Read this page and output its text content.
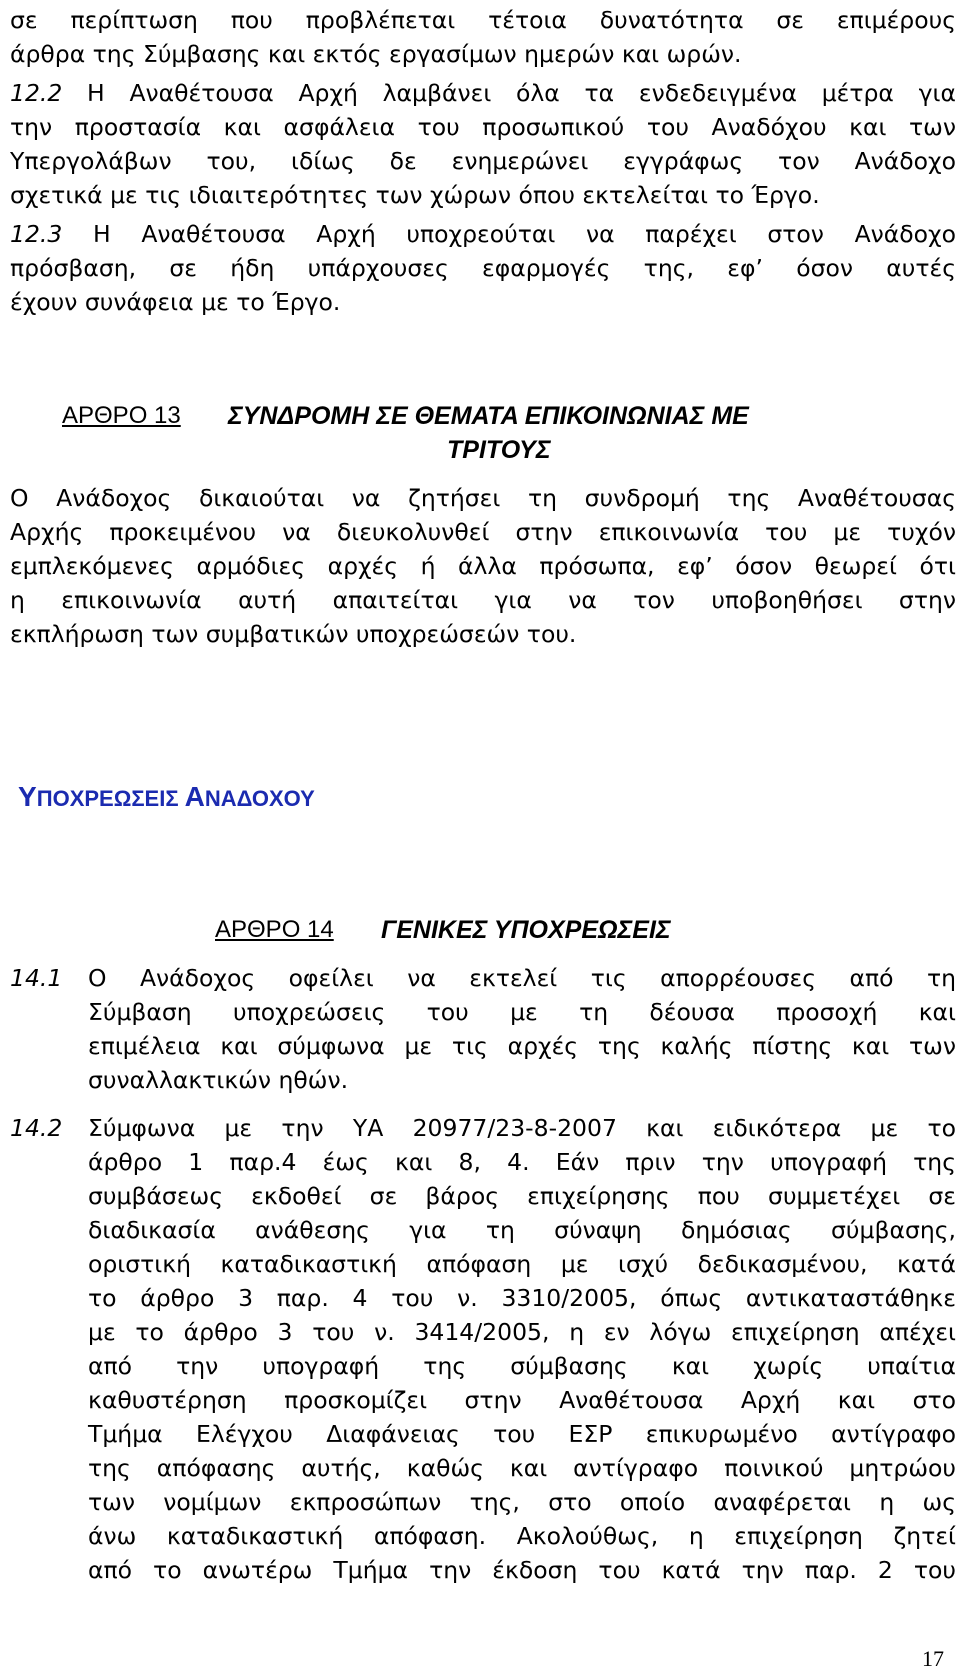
σε περίπτωση που προβλέπεται τέτοια δυνατότητα σε επιμέρους
άρθρα της Σύμβασης και εκτός εργασίμων ημερών και ωρών.
12.2 Η Αναθέτουσα Αρχή λαμβάνει όλα τα ενδεδειγμένα μέτρα για
την προστασία και ασφάλεια του προσωπικού του Αναδόχου και των
Υπεργολάβων του, ιδίως δε ενημερώνει εγγράφως τον Ανάδοχο
σχετικά με τις ιδιαιτερότητες των χώρων όπου εκτελείται το Έργο.
12.3 Η Αναθέτουσα Αρχή υποχρεούται να παρέχει στον Ανάδοχο
πρόσβαση, σε ήδη υπάρχουσες εφαρμογές της, εφ’ όσον αυτές
έχουν συνάφεια με το Έργο.
ΑΡΘΡΟ 13 ΣΥΝΔΡΟΜΗ ΣΕ ΘΕΜΑΤΑ ΕΠΙΚΟΙΝΩΝΙΑΣ ΜΕ
ΤΡΙΤΟΥΣ
Ο Ανάδοχος δικαιούται να ζητήσει τη συνδρομή της Αναθέτουσας
Αρχής προκειμένου να διευκολυνθεί στην επικοινωνία του με τυχόν
εμπλεκόμενες αρμόδιες αρχές ή άλλα πρόσωπα, εφ’ όσον θεωρεί ότι
η επικοινωνία αυτή απαιτείται για να τον υποβοηθήσει στην
εκπλήρωση των συμβατικών υποχρεώσεών του.
ΥΠΟΧΡΕΩΣΕΙΣ ΑΝΑΔΟΧΟΥ
ΑΡΘΡΟ 14 ΓΕΝΙΚΕΣ ΥΠΟΧΡΕΩΣΕΙΣ
14.1 Ο Ανάδοχος οφείλει να εκτελεί τις απορρέουσες από τη
Σύμβαση υποχρεώσεις του με τη δέουσα προσοχή και
επιμέλεια και σύμφωνα με τις αρχές της καλής πίστης και των
συναλλακτικών ηθών.
14.2 Σύμφωνα με την ΥΑ 20977/23-8-2007 και ειδικότερα με το
άρθρο 1 παρ.4 έως και 8, 4. Εάν πριν την υπογραφή της
συμβάσεως εκδοθεί σε βάρος επιχείρησης που συμμετέχει σε
διαδικασία ανάθεσης για τη σύναψη δημόσιας σύμβασης,
οριστική καταδικαστική απόφαση με ισχύ δεδικασμένου, κατά
το άρθρο 3 παρ. 4 του ν. 3310/2005, όπως αντικαταστάθηκε
με το άρθρο 3 του ν. 3414/2005, η εν λόγω επιχείρηση απέχει
από την υπογραφή της σύμβασης και χωρίς υπαίτια
καθυστέρηση προσκομίζει στην Αναθέτουσα Αρχή και στο
Τμήμα Ελέγχου Διαφάνειας του ΕΣΡ επικυρωμένο αντίγραφο
της απόφασης αυτής, καθώς και αντίγραφο ποινικού μητρώου
των νομίμων εκπροσώπων της, στο οποίο αναφέρεται η ως
άνω καταδικαστική απόφαση. Ακολούθως, η επιχείρηση ζητεί
από το ανωτέρω Τμήμα την έκδοση του κατά την παρ. 2 του
17
